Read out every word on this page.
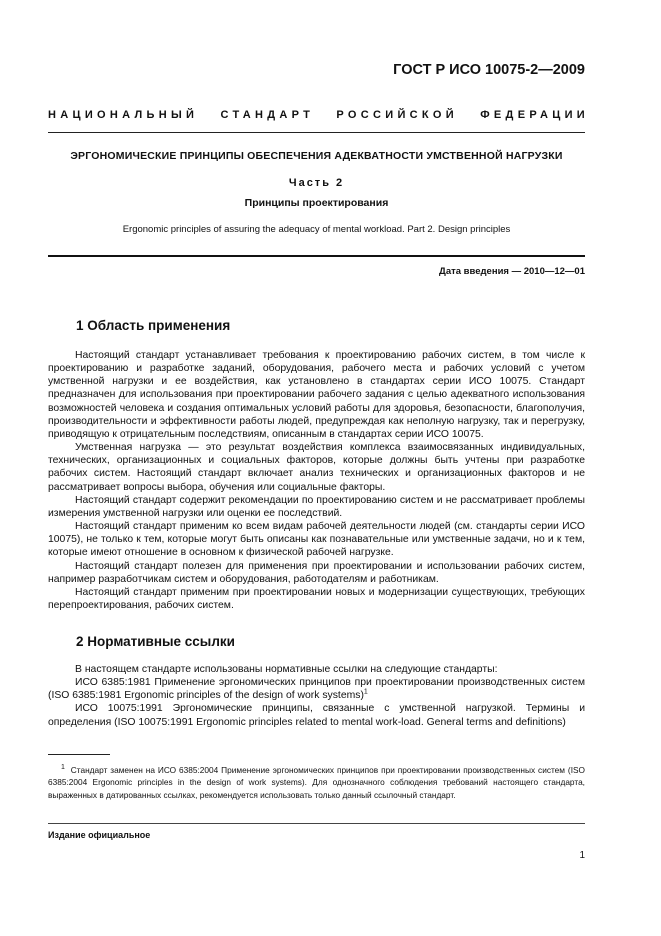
ГОСТ Р ИСО 10075-2—2009
НАЦИОНАЛЬНЫЙ СТАНДАРТ РОССИЙСКОЙ ФЕДЕРАЦИИ
ЭРГОНОМИЧЕСКИЕ ПРИНЦИПЫ ОБЕСПЕЧЕНИЯ АДЕКВАТНОСТИ УМСТВЕННОЙ НАГРУЗКИ
Часть 2
Принципы проектирования
Ergonomic principles of assuring the adequacy of mental workload. Part 2. Design principles
Дата введения — 2010—12—01
1 Область применения

Настоящий стандарт устанавливает требования к проектированию рабочих систем, в том числе к проектированию и разработке заданий, оборудования, рабочего места и рабочих условий с учетом умственной нагрузки и ее воздействия, как установлено в стандартах серии ИСО 10075. Стандарт предназначен для использования при проектировании рабочего задания с целью адекватного использования возможностей человека и создания оптимальных условий работы для здоровья, безопасности, благополучия, производительности и эффективности работы людей, предупреждая как неполную нагрузку, так и перегрузку, приводящую к отрицательным последствиям, описанным в стандартах серии ИСО 10075.

Умственная нагрузка — это результат воздействия комплекса взаимосвязанных индивидуальных, технических, организационных и социальных факторов, которые должны быть учтены при разработке рабочих систем. Настоящий стандарт включает анализ технических и организационных факторов и не рассматривает вопросы выбора, обучения или социальные факторы.

Настоящий стандарт содержит рекомендации по проектированию систем и не рассматривает проблемы измерения умственной нагрузки или оценки ее последствий.

Настоящий стандарт применим ко всем видам рабочей деятельности людей (см. стандарты серии ИСО 10075), не только к тем, которые могут быть описаны как познавательные или умственные задачи, но и к тем, которые имеют отношение в основном к физической рабочей нагрузке.

Настоящий стандарт полезен для применения при проектировании и использовании рабочих систем, например разработчикам систем и оборудования, работодателям и работникам.

Настоящий стандарт применим при проектировании новых и модернизации существующих, требующих перепроектирования, рабочих систем.

2 Нормативные ссылки

В настоящем стандарте использованы нормативные ссылки на следующие стандарты:

ИСО 6385:1981 Применение эргономических принципов при проектировании производственных систем (ISO 6385:1981 Ergonomic principles of the design of work systems)$^1$

ИСО 10075:1991 Эргономические принципы, связанные с умственной нагрузкой. Термины и определения (ISO 10075:1991 Ergonomic principles related to mental work-load. General terms and definitions)

$^1$ Стандарт заменен на ИСО 6385:2004 Применение эргономических принципов при проектировании производственных систем (ISO 6385:2004 Ergonomic principles in the design of work systems). Для однозначного соблюдения требований настоящего стандарта, выраженных в датированных ссылках, рекомендуется использовать только данный ссылочный стандарт.

Издание официальное
1
